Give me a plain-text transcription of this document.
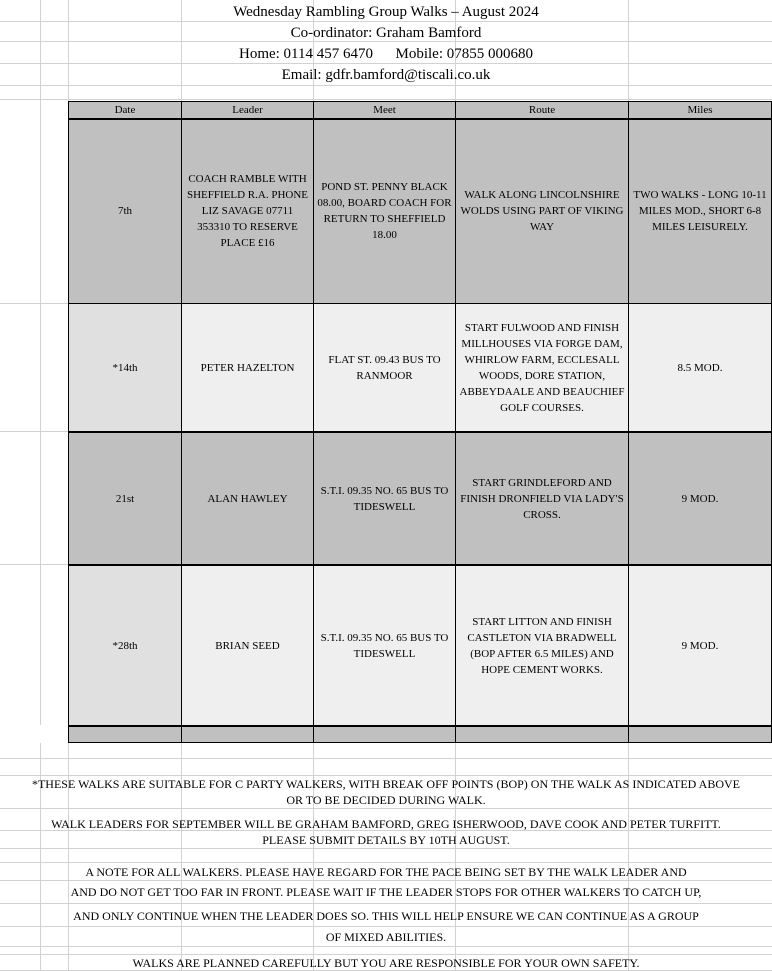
Wednesday Rambling Group Walks – August 2024
Co-ordinator: Graham Bamford
Home: 0114 457 6470      Mobile: 07855 000680
Email: gdfr.bamford@tiscali.co.uk
Date	Leader	Meet	Route	Miles
7th	COACH RAMBLE WITH SHEFFIELD R.A. PHONE LIZ SAVAGE 07711 353310 TO RESERVE PLACE £16	POND ST. PENNY BLACK 08.00, BOARD COACH FOR RETURN TO SHEFFIELD 18.00	WALK ALONG LINCOLNSHIRE WOLDS USING PART OF VIKING WAY	TWO WALKS - LONG 10-11 MILES MOD., SHORT 6-8 MILES LEISURELY.
*14th	PETER HAZELTON	FLAT ST. 09.43 BUS TO RANMOOR	START FULWOOD AND FINISH MILLHOUSES VIA FORGE DAM, WHIRLOW FARM, ECCLESALL WOODS, DORE STATION, ABBEYDAALE AND BEAUCHIEF GOLF COURSES.	8.5 MOD.
21st	ALAN HAWLEY	S.T.I. 09.35 NO. 65 BUS TO TIDESWELL	START GRINDLEFORD AND FINISH DRONFIELD VIA LADY'S CROSS.	9 MOD.
*28th	BRIAN SEED	S.T.I. 09.35 NO. 65 BUS TO TIDESWELL	START LITTON AND FINISH CASTLETON VIA BRADWELL (BOP AFTER 6.5 MILES) AND HOPE CEMENT WORKS.	9 MOD.

*THESE WALKS ARE SUITABLE FOR C PARTY WALKERS, WITH BREAK OFF POINTS (BOP) ON THE WALK AS INDICATED ABOVE
OR TO BE DECIDED DURING WALK.
WALK LEADERS FOR SEPTEMBER WILL BE GRAHAM BAMFORD, GREG ISHERWOOD, DAVE COOK AND PETER TURFITT.
PLEASE SUBMIT DETAILS BY 10TH AUGUST.
A NOTE FOR ALL WALKERS. PLEASE HAVE REGARD FOR THE PACE BEING SET BY THE WALK LEADER AND
AND DO NOT GET TOO FAR IN FRONT. PLEASE WAIT IF THE LEADER STOPS FOR OTHER WALKERS TO CATCH UP,
AND ONLY CONTINUE WHEN THE LEADER DOES SO. THIS WILL HELP ENSURE WE CAN CONTINUE AS A GROUP
OF MIXED ABILITIES.
WALKS ARE PLANNED CAREFULLY BUT YOU ARE RESPONSIBLE FOR YOUR OWN SAFETY.
